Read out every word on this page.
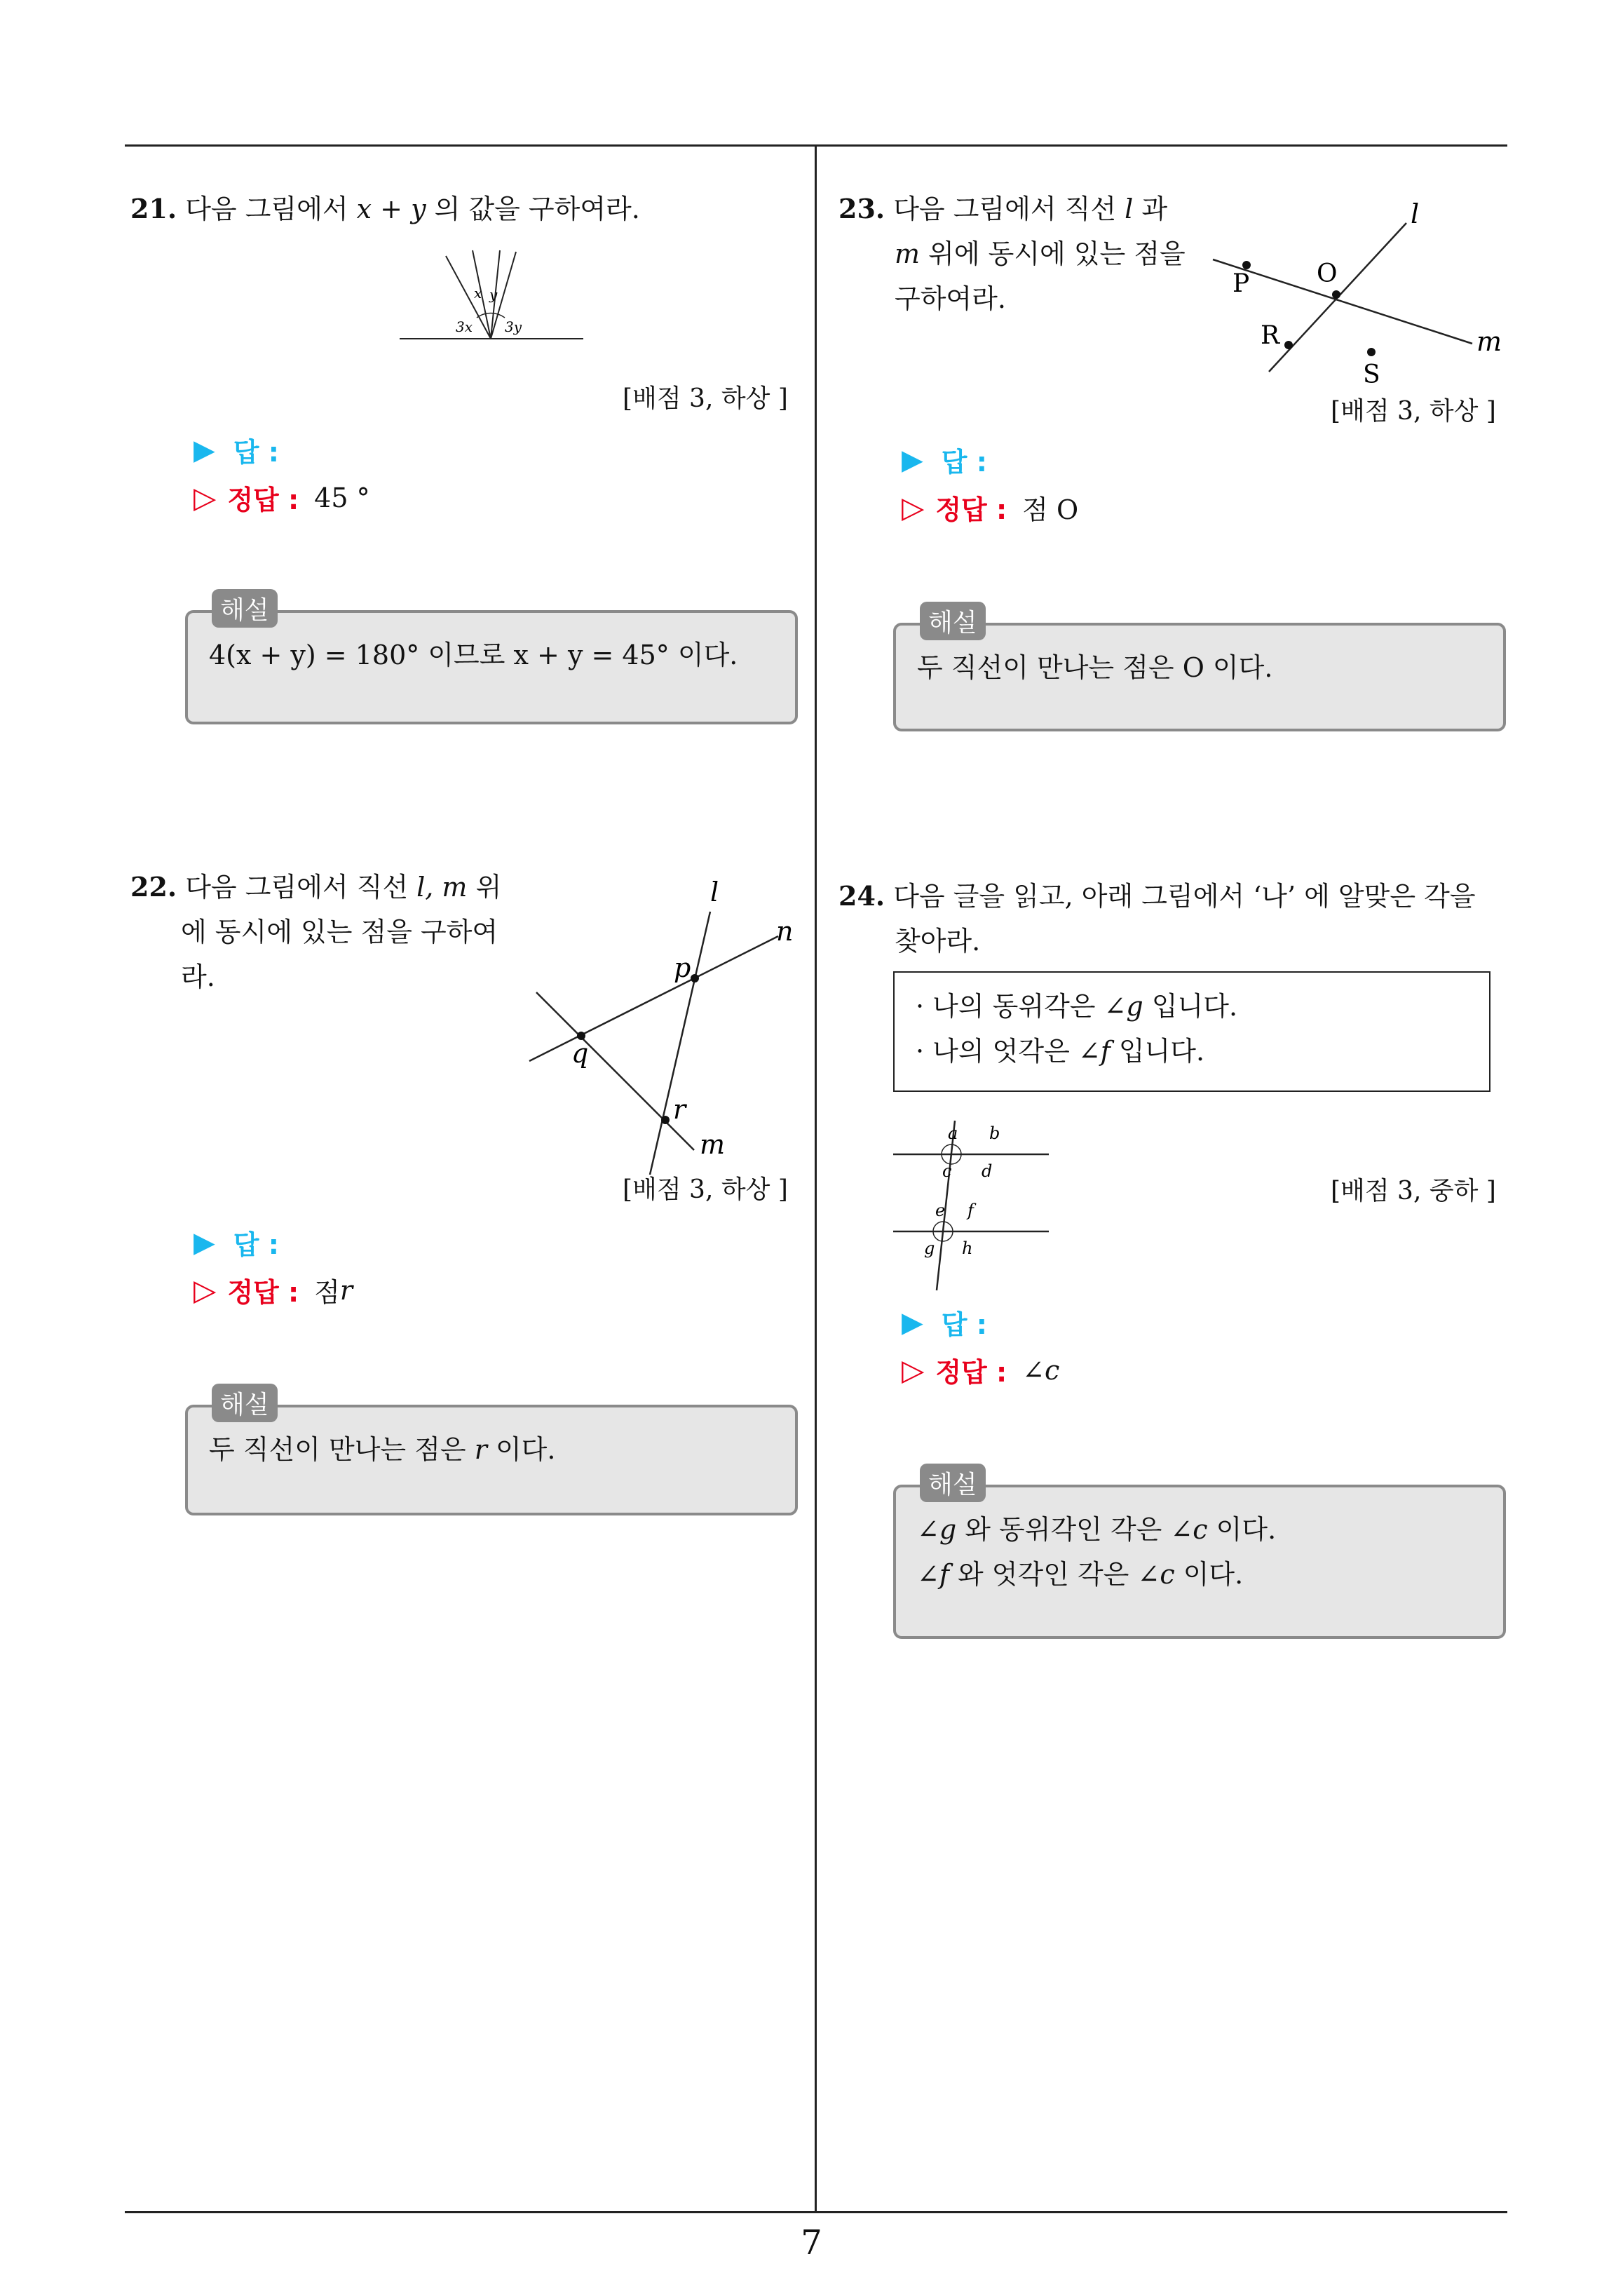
21. 다음 그림에서 x + y 의 값을 구하여라.
x y
3x 3y
[배점 3, 하상 ]
▶ 답 :
▷ 정답 : 45 °
4(x + y) = 180° 이므로 x + y = 45° 이다.
해설
22. 다음 그림에서 직선 l, m 위
에 동시에 있는 점을 구하여
라.
l
n
p
q
r
m
[배점 3, 하상 ]
▶ 답 :
▷ 정답 : 점 r
두 직선이 만나는 점은 r 이다.
해설
23. 다음 그림에서 직선 l 과
m 위에 동시에 있는 점을
구하여라.
l
P	O
R
S
m
[배점 3, 하상 ]
▶ 답 :
▷ 정답 : 점 O
두 직선이 만나는 점은 O 이다.
해설
24. 다음 글을 읽고, 아래 그림에서 ‘나’ 에 알맞은 각을
찾아라.
· 나의 동위각은 ∠g 입니다.
· 나의 엇각은 ∠f 입니다.
a b
c d
e f
g h
[배점 3, 중하 ]
▶ 답 :
▷ 정답 : ∠ c
∠g 와 동위각인 각은 ∠c 이다.
∠f 와 엇각인 각은 ∠c 이다.
해설
7
